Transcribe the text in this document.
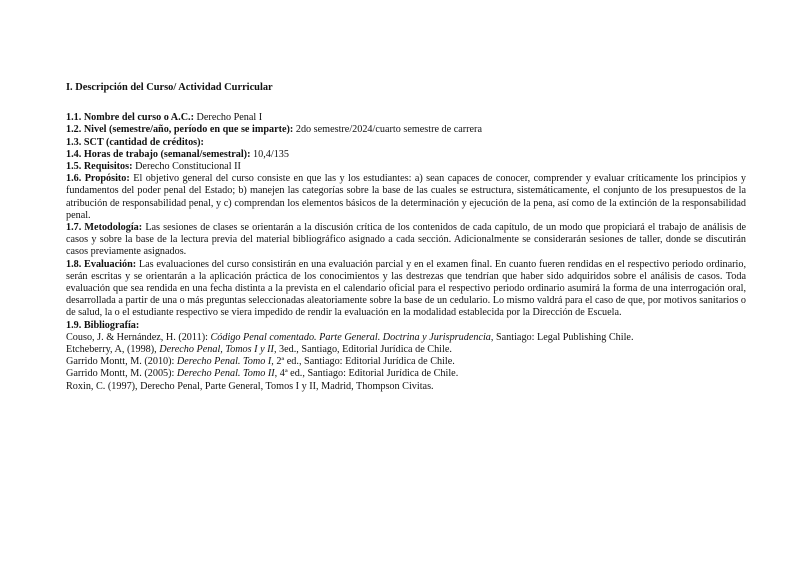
I. Descripción del Curso/ Actividad Curricular
1.1. Nombre del curso o A.C.: Derecho Penal I
1.2. Nivel (semestre/año, período en que se imparte): 2do semestre/2024/cuarto semestre de carrera
1.3. SCT (cantidad de créditos):
1.4. Horas de trabajo (semanal/semestral): 10,4/135
1.5. Requisitos: Derecho Constitucional II
1.6. Propósito: El objetivo general del curso consiste en que las y los estudiantes: a) sean capaces de conocer, comprender y evaluar críticamente los principios y fundamentos del poder penal del Estado; b) manejen las categorías sobre la base de las cuales se estructura, sistemáticamente, el conjunto de los presupuestos de la atribución de responsabilidad penal, y c) comprendan los elementos básicos de la determinación y ejecución de la pena, así como de la extinción de la responsabilidad penal.
1.7. Metodología: Las sesiones de clases se orientarán a la discusión crítica de los contenidos de cada capítulo, de un modo que propiciará el trabajo de análisis de casos y sobre la base de la lectura previa del material bibliográfico asignado a cada sección. Adicionalmente se considerarán sesiones de taller, donde se discutirán casos previamente asignados.
1.8. Evaluación: Las evaluaciones del curso consistirán en una evaluación parcial y en el examen final. En cuanto fueren rendidas en el respectivo periodo ordinario, serán escritas y se orientarán a la aplicación práctica de los conocimientos y las destrezas que tendrían que haber sido adquiridos sobre el análisis de casos. Toda evaluación que sea rendida en una fecha distinta a la prevista en el calendario oficial para el respectivo periodo ordinario asumirá la forma de una interrogación oral, desarrollada a partir de una o más preguntas seleccionadas aleatoriamente sobre la base de un cedulario. Lo mismo valdrá para el caso de que, por motivos sanitarios o de salud, la o el estudiante respectivo se viera impedido de rendir la evaluación en la modalidad establecida por la Dirección de Escuela.
1.9. Bibliografía:
Couso, J. & Hernández, H. (2011): Código Penal comentado. Parte General. Doctrina y Jurisprudencia, Santiago: Legal Publishing Chile.
Etcheberry, A, (1998), Derecho Penal, Tomos I y II, 3ed., Santiago, Editorial Jurídica de Chile.
Garrido Montt, M. (2010): Derecho Penal. Tomo I, 2ª ed., Santiago: Editorial Jurídica de Chile.
Garrido Montt, M. (2005): Derecho Penal. Tomo II, 4ª ed., Santiago: Editorial Jurídica de Chile.
Roxin, C. (1997), Derecho Penal, Parte General, Tomos I y II, Madrid, Thompson Civitas.
